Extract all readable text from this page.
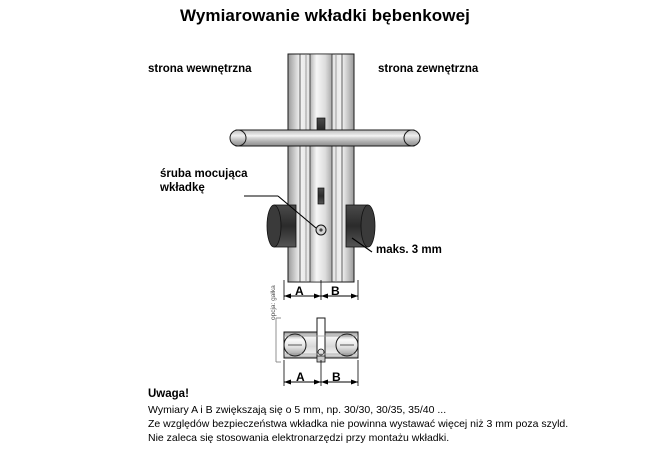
Wymiarowanie wkładki bębenkowej
strona wewnętrzna	strona zewnętrzna
śruba mocująca wkładkę
maks. 3 mm
opcja: gałka A B
A B
Uwaga!
Wymiary A i B zwiększają się o 5 mm, np. 30/30, 30/35, 35/40 ...
Ze względów bezpieczeństwa wkładka nie powinna wystawać więcej niż 3 mm poza szyld.
Nie zaleca się stosowania elektronarzędzi przy montażu wkładki.
